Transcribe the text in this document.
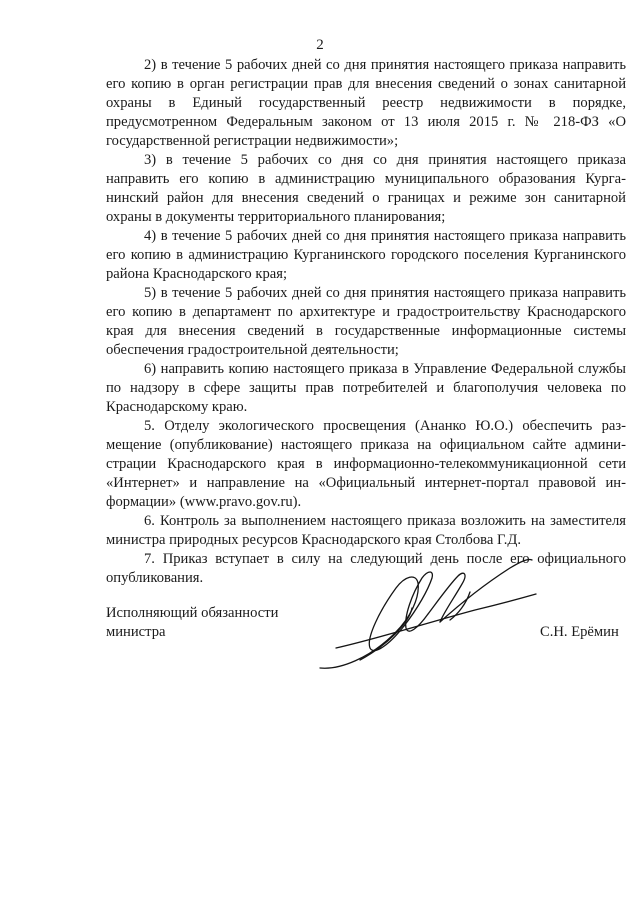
2

2) в течение 5 рабочих дней со дня принятия настоящего приказа направить его копию в орган регистрации прав для внесения сведений о зонах санитарной охраны в Единый государственный реестр недвижимости в порядке, предусмотренном Федеральным законом от 13 июля 2015 г. № 218-ФЗ «О государственной регистрации недвижимости»;

3) в течение 5 рабочих со дня со дня принятия настоящего приказа направить его копию в администрацию муниципального образования Курганинский район для внесения сведений о границах и режиме зон санитарной охраны в документы территориального планирования;

4) в течение 5 рабочих дней со дня принятия настоящего приказа направить его копию в администрацию Курганинского городского поселения Курганинского района Краснодарского края;

5) в течение 5 рабочих дней со дня принятия настоящего приказа направить его копию в департамент по архитектуре и градостроительству Краснодарского края для внесения сведений в государственные информационные системы обеспечения градостроительной деятельности;

6) направить копию настоящего приказа в Управление Федеральной службы по надзору в сфере защиты прав потребителей и благополучия человека по Краснодарскому краю.

5. Отделу экологического просвещения (Ананко Ю.О.) обеспечить размещение (опубликование) настоящего приказа на официальном сайте администрации Краснодарского края в информационно-телекоммуникационной сети «Интернет» и направление на «Официальный интернет-портал правовой информации» (www.pravo.gov.ru).

6. Контроль за выполнением настоящего приказа возложить на заместителя министра природных ресурсов Краснодарского края Столбова Г.Д.

7. Приказ вступает в силу на следующий день после его официального опубликования.

Исполняющий обязанности
министра	С.Н. Ерёмин
